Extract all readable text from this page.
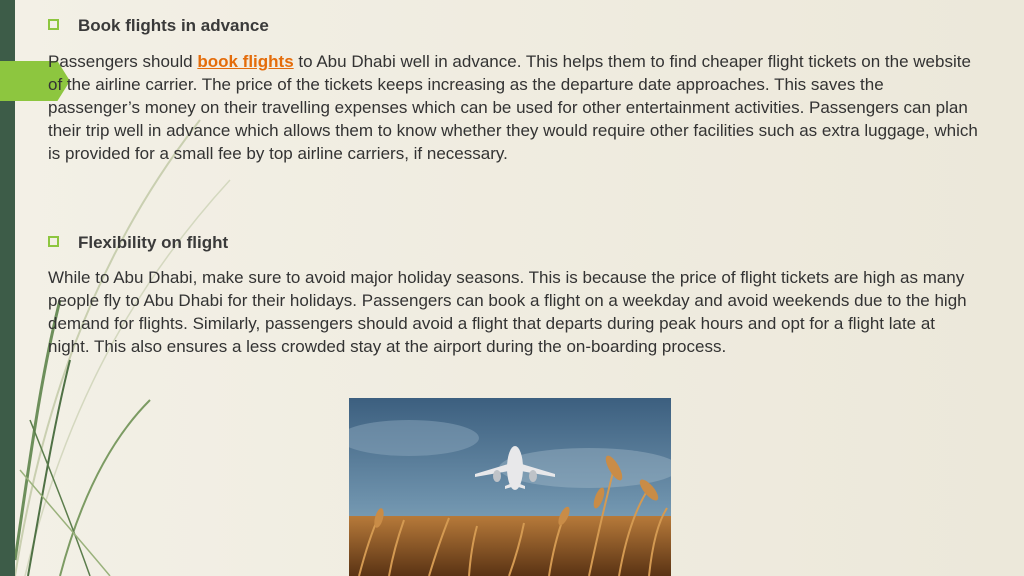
Book flights in advance
Passengers should book flights to Abu Dhabi well in advance. This helps them to find cheaper flight tickets on the website of the airline carrier. The price of the tickets keeps increasing as the departure date approaches. This saves the passenger’s money on their travelling expenses which can be used for other entertainment activities. Passengers can plan their trip well in advance which allows them to know whether they would require other facilities such as extra luggage, which is provided for a small fee by top airline carriers, if necessary.
Flexibility on flight
While to Abu Dhabi, make sure to avoid major holiday seasons. This is because the price of flight tickets are high as many people fly to Abu Dhabi for their holidays. Passengers can book a flight on a weekday and avoid weekends due to the high demand for flights. Similarly, passengers should avoid a flight that departs during peak hours and opt for a flight late at night. This also ensures a less crowded stay at the airport during the on-boarding process.
